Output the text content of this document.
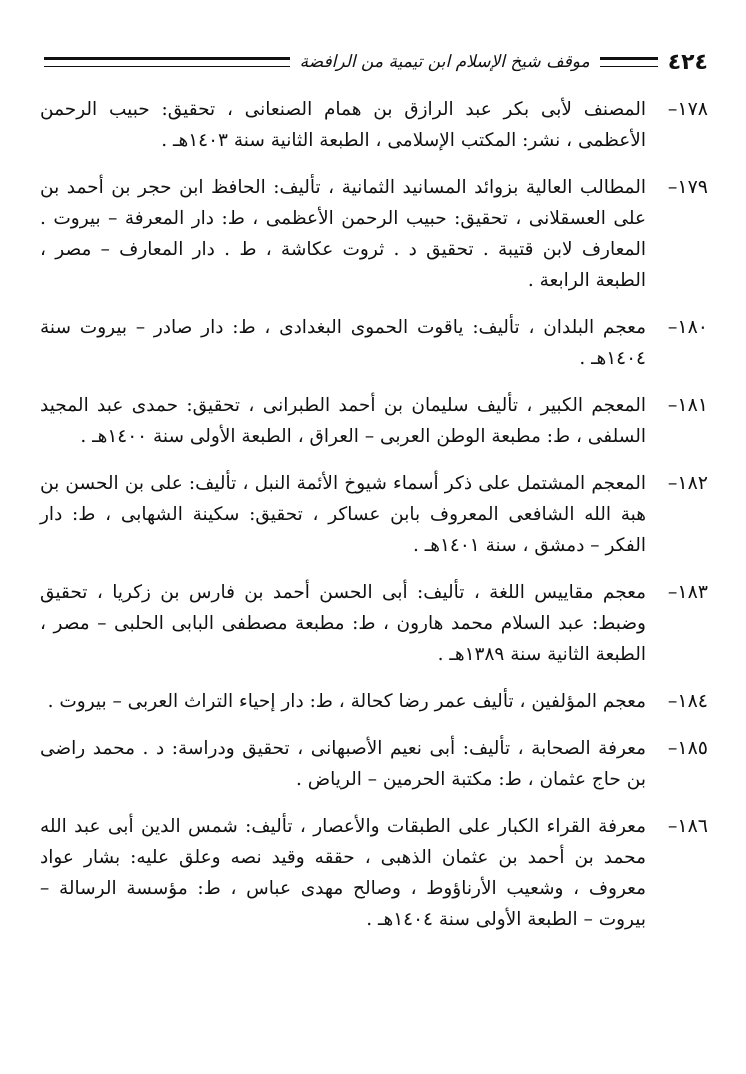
٤٢٤
موقف شيخ الإسلام ابن تيمية من الرافضة
١٧٨–
المصنف لأبى بكر عبد الرازق بن همام الصنعانى ، تحقيق: حبيب الرحمن الأعظمى ، نشر: المكتب الإسلامى ، الطبعة الثانية سنة ١٤٠٣هـ .
١٧٩–
المطالب العالية بزوائد المسانيد الثمانية ، تأليف: الحافظ ابن حجر بن أحمد بن على العسقلانى ، تحقيق: حبيب الرحمن الأعظمى ، ط: دار المعرفة – بيروت . المعارف لابن قتيبة . تحقيق د . ثروت عكاشة ، ط . دار المعارف – مصر ، الطبعة الرابعة .
١٨٠–
معجم البلدان ، تأليف: ياقوت الحموى البغدادى ، ط: دار صادر – بيروت سنة ١٤٠٤هـ .
١٨١–
المعجم الكبير ، تأليف سليمان بن أحمد الطبرانى ، تحقيق: حمدى عبد المجيد السلفى ، ط: مطبعة الوطن العربى – العراق ، الطبعة الأولى سنة ١٤٠٠هـ .
١٨٢–
المعجم المشتمل على ذكر أسماء شيوخ الأئمة النبل ، تأليف: على بن الحسن بن هبة الله الشافعى المعروف بابن عساكر ، تحقيق: سكينة الشهابى ، ط: دار الفكر – دمشق ، سنة ١٤٠١هـ .
١٨٣–
معجم مقاييس اللغة ، تأليف: أبى الحسن أحمد بن فارس بن زكريا ، تحقيق وضبط: عبد السلام محمد هارون ، ط: مطبعة مصطفى البابى الحلبى – مصر ، الطبعة الثانية سنة ١٣٨٩هـ .
١٨٤–
معجم المؤلفين ، تأليف عمر رضا كحالة ، ط: دار إحياء التراث العربى – بيروت .
١٨٥–
معرفة الصحابة ، تأليف: أبى نعيم الأصبهانى ، تحقيق ودراسة: د . محمد راضى بن حاج عثمان ، ط: مكتبة الحرمين – الرياض .
١٨٦–
معرفة القراء الكبار على الطبقات والأعصار ، تأليف: شمس الدين أبى عبد الله محمد بن أحمد بن عثمان الذهبى ، حققه وقيد نصه وعلق عليه: بشار عواد معروف ، وشعيب الأرناؤوط ، وصالح مهدى عباس ، ط: مؤسسة الرسالة – بيروت – الطبعة الأولى سنة ١٤٠٤هـ .
